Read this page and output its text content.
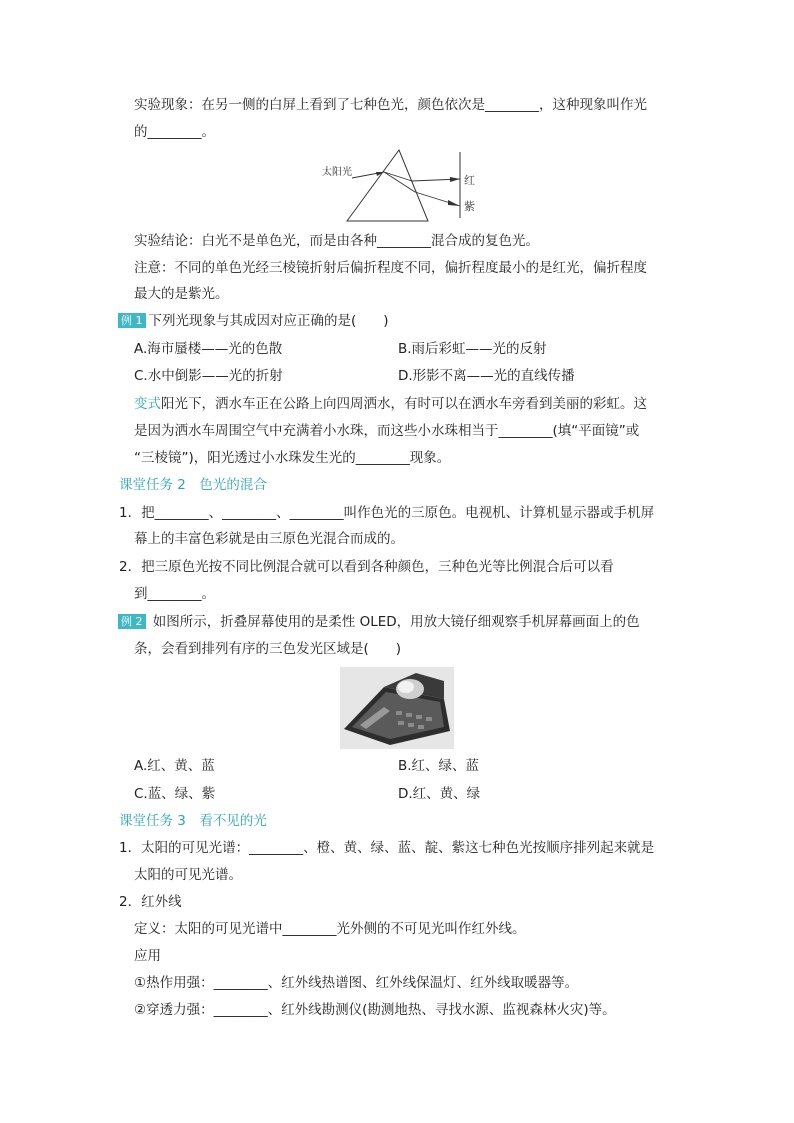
实验现象：在另一侧的白屏上看到了七种色光，颜色依次是________，这种现象叫作光
的________。
太阳光
红
紫
实验结论：白光不是单色光，而是由各种________混合成的复色光。
注意：不同的单色光经三棱镜折射后偏折程度不同，偏折程度最小的是红光，偏折程度
最大的是紫光。
例 1 下列光现象与其成因对应正确的是(　　)
A.海市蜃楼——光的色散	B.雨后彩虹——光的反射
C.水中倒影——光的折射	D.形影不离——光的直线传播
变式阳光下，洒水车正在公路上向四周洒水，有时可以在洒水车旁看到美丽的彩虹。这
是因为洒水车周围空气中充满着小水珠，而这些小水珠相当于________(填“平面镜”或
“三棱镜”)，阳光透过小水珠发生光的________现象。
课堂任务 2　色光的混合
1．把________、________、________叫作色光的三原色。电视机、计算机显示器或手机屏
幕上的丰富色彩就是由三原色光混合而成的。
2．把三原色光按不同比例混合就可以看到各种颜色，三种色光等比例混合后可以看
到________。
例 2 如图所示，折叠屏幕使用的是柔性 OLED，用放大镜仔细观察手机屏幕画面上的色
条，会看到排列有序的三色发光区域是(　　)
A.红、黄、蓝	B.红、绿、蓝
C.蓝、绿、紫	D.红、黄、绿
课堂任务 3　看不见的光
1．太阳的可见光谱：________、橙、黄、绿、蓝、靛、紫这七种色光按顺序排列起来就是
太阳的可见光谱。
2．红外线
定义：太阳的可见光谱中________光外侧的不可见光叫作红外线。
应用
①热作用强：________、红外线热谱图、红外线保温灯、红外线取暖器等。
②穿透力强：________、红外线勘测仪(勘测地热、寻找水源、监视森林火灾)等。
